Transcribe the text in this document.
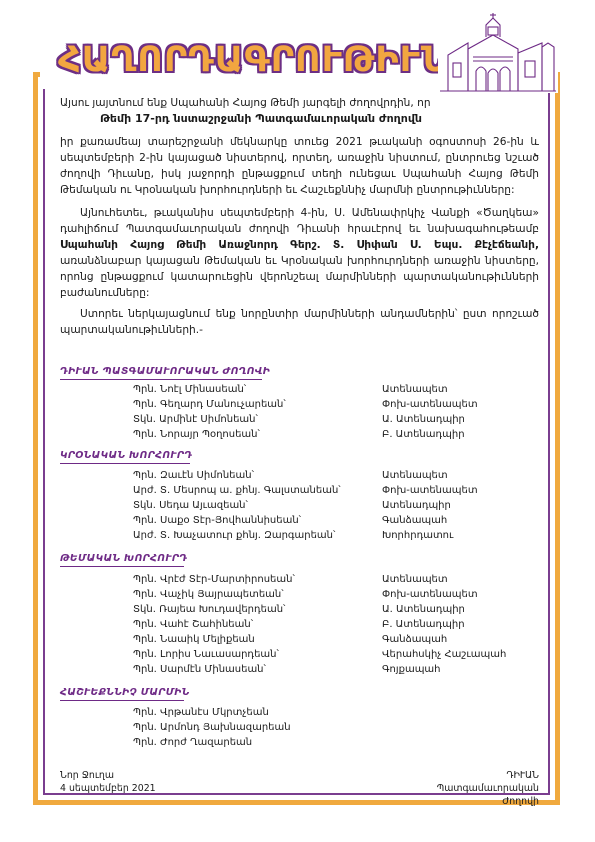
ՀԱՂՈՐԴԱԳՐՈՒԹԻՒՆ
Այսու յայտնում ենք Սպահանի Հայոց Թեմի յարգելի ժողովրդին, որ
Թեմի 17-րդ նստաշրջանի Պատգամաւորական ժողովն
իր քառամեայ տարեշրջանի մեկնարկը տուեց 2021 թւականի օգոստոսի 26-ին և
սեպտեմբերի 2-ին կայացած նիստերով, որտեղ, առաջին նիստում, ընտրուեց նշւած
ժողովի Դիւանը, իսկ յաջորդի ընթացքում տեղի ունեցաւ Սպահանի Հայոց Թեմի
Թեմական ու Կրօնական խորհուրդների եւ Հաշւեքննիչ մարմնի ընտրութիւնները:
Այնուհետեւ, թւականիս սեպտեմբերի 4-ին, Ս. Ամենափրկիչ Վանքի «Ծաղկեա»
դահլիճում Պատգամաւորական ժողովի Դիւանի հրաւէրով եւ նախագահութեամբ
Սպահանի Հայոց Թեմի Առաջնորդ Գերշ. Տ. Սիփան Ս. Եպս. Քէչէճեանի,
առանձնաբար կայացան Թեմական եւ Կրօնական խորհուրդների առաջին նիստերը,
որոնց ընթացքում կատարուեցին վերոնշեալ մարմինների պարտականութիւնների
բաժանումները:
Ստորեւ ներկայացնում ենք նորընտիր մարմինների անդամներին՝ ըստ որոշւած
պարտականութիւնների.-
ԴԻՒԱՆ ՊԱՏԳԱՄԱՒՈՐԱԿԱՆ ԺՈՂՈՎԻ
Պրն. Նոէլ Մինասեան՝	Ատենապետ
Պրն. Գեղարդ Մանուչարեան՝	Փոխ-ատենապետ
Տկն. Արմինէ Սիմոնեան՝	Ա. Ատենադպիր
Պրն. Նորայր Պօղոսեան՝	Բ. Ատենադպիր
ԿՐՕՆԱԿԱՆ ԽՈՐՀՈՒՐԴ
Պրն. Զաւէն Սիմոնեան՝	Ատենապետ
Արժ. Տ. Մեսրոպ ա. քհնյ. Գալստանեան՝	Փոխ-ատենապետ
Տկն. Սեդա Այւազեան՝	Ատենադպիր
Պրն. Սաքօ Տէր-Յովհաննիսեան՝	Գանձապահ
Արժ. Տ. Խաչատուր քհնյ. Զարգարեան՝	Խորհրդատու
ԹԵՄԱԿԱՆ ԽՈՐՀՈՒՐԴ
Պրն. Վրէժ Տէր-Մարտիրոսեան՝	Ատենապետ
Պրն. Վաչիկ Յայրապետեան՝	Փոխ-ատենապետ
Տկն. Ռայեա Խուդավերդեան՝	Ա. Ատենադպիր
Պրն. Վահէ Շահինեան՝	Բ. Ատենադպիր
Պրն. Նաաիկ Մելիքեան	Գանձապահ
Պրն. Լորիս Նաւասարդեան՝	Վերահսկիչ Հաշւապահ
Պրն. Սարմէն Մինասեան՝	Գոյքապահ
ՀԱՇՒԵՔՆՆԻՉ ՄԱՐՄԻՆ
Պրն. Վրթանէս Մկրտչեան
Պրն. Արմոնդ Յախնազարեան
Պրն. Ժորժ Ղազարեան
Նոր Ջուղա
4 սեպտեմբեր 2021
ԴԻՒԱՆ
Պատգամաւորական Ժողովի
